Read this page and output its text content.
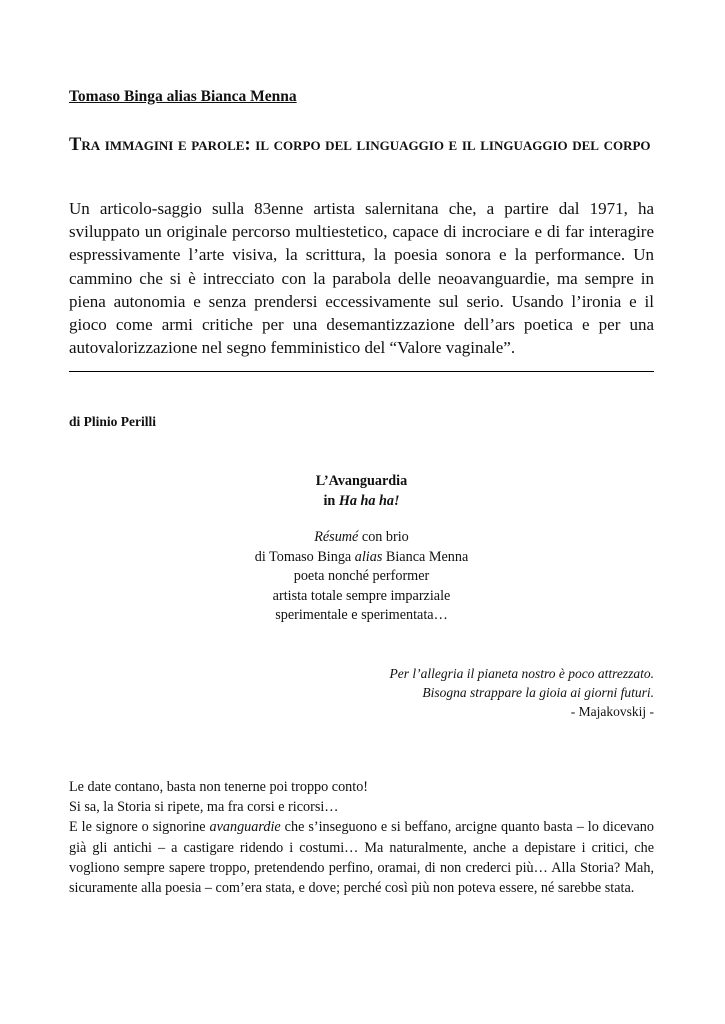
Tomaso Binga alias Bianca Menna
Tra immagini e parole: il corpo del linguaggio e il linguaggio del corpo
Un articolo-saggio sulla 83enne artista salernitana che, a partire dal 1971, ha sviluppato un originale percorso multiestetico, capace di incrociare e di far interagire espressivamente l’arte visiva, la scrittura, la poesia sonora e la performance. Un cammino che si è intrecciato con la parabola delle neoavanguardie, ma sempre in piena autonomia e senza prendersi eccessivamente sul serio. Usando l’ironia e il gioco come armi critiche per una desemantizzazione dell’ars poetica e per una autovalorizzazione nel segno femministico del “Valore vaginale”.
di Plinio Perilli
L’Avanguardia
in Ha ha ha!
Résumé con brio
di Tomaso Binga alias Bianca Menna
poeta nonché performer
artista totale sempre imparziale
sperimentale e sperimentata…
Per l’allegria il pianeta nostro è poco attrezzato.
Bisogna strappare la gioia ai giorni futuri.
- Majakovskij -

Le date contano, basta non tenerne poi troppo conto!

Si sa, la Storia si ripete, ma fra corsi e ricorsi…

E le signore o signorine avanguardie che s’inseguono e si beffano, arcigne quanto basta – lo dicevano già gli antichi – a castigare ridendo i costumi… Ma naturalmente, anche a depistare i critici, che vogliono sempre sapere troppo, pretendendo perfino, oramai, di non crederci più… Alla Storia? Mah, sicuramente alla poesia – com’era stata, e dove; perché così più non poteva essere, né sarebbe stata.
